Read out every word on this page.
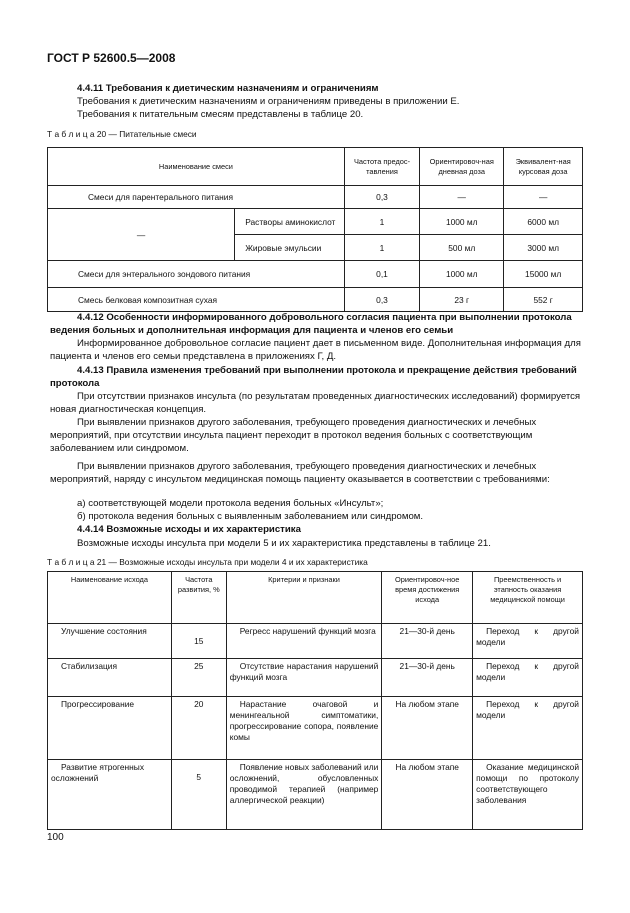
ГОСТ Р 52600.5—2008

4.4.11 Требования к диетическим назначениям и ограничениям

Требования к диетическим назначениям и ограничениям приведены в приложении Е.

Требования к питательным смесям представлены в таблице 20.

Т а б л и ц а 20 — Питательные смеси
Наименование смеси		Частота предос-тавления	Ориентировоч-ная дневная доза	Эквивалент-ная курсовая доза
Смеси для парентерального питания		0,3	—	—
—	Растворы аминокислот	1	1000 мл	6000 мл
	Жировые эмульсии	1	500 мл	3000 мл
Смеси для энтерального зондового питания		0,1	1000 мл	15000 мл
Смесь белковая композитная сухая		0,3	23 г	552 г

4.4.12 Особенности информированного добровольного согласия пациента при выполнении протокола ведения больных и дополнительная информация для пациента и членов его семьи

Информированное добровольное согласие пациент дает в письменном виде. Дополнительная информация для пациента и членов его семьи представлена в приложениях Г, Д.

4.4.13 Правила изменения требований при выполнении протокола и прекращение действия требований протокола

При отсутствии признаков инсульта (по результатам проведенных диагностических исследований) формируется новая диагностическая концепция.

При выявлении признаков другого заболевания, требующего проведения диагностических и лечебных мероприятий, при отсутствии инсульта пациент переходит в протокол ведения больных с соответствующим заболеванием или синдромом.

При выявлении признаков другого заболевания, требующего проведения диагностических и лечебных мероприятий, наряду с инсультом медицинская помощь пациенту оказывается в соответствии с требованиями:

а) соответствующей модели протокола ведения больных «Инсульт»;

б) протокола ведения больных с выявленным заболеванием или синдромом.

4.4.14 Возможные исходы и их характеристика

Возможные исходы инсульта при модели 5 и их характеристика представлены в таблице 21.

Т а б л и ц а 21 — Возможные исходы инсульта при модели 4 и их характеристика
Наименование исхода	Частота развития, %	Критерии и признаки	Ориентировоч-ное время достижения исхода	Преемственность и этапность оказания медицинской помощи
Улучшение состояния	15	Регресс нарушений функций мозга	21—30-й день	Переход к другой модели
Стабилизация	25	Отсутствие нарастания нарушений функций мозга	21—30-й день	Переход к другой модели
Прогрессирование	20	Нарастание очаговой и менингеальной симптоматики, прогрессирование сопора, появление комы	На любом этапе	Переход к другой модели
Развитие ятрогенных осложнений	5	Появление новых заболеваний или осложнений, обусловленных проводимой терапией (например аллергической реакции)	На любом этапе	Оказание медицинской помощи по протоколу соответствующего заболевания
100
